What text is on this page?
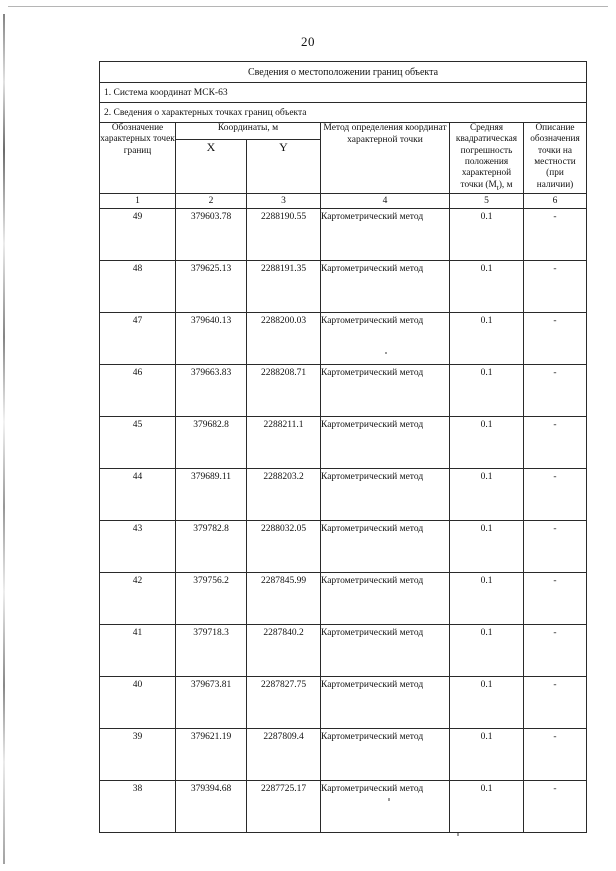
20
Сведения о местоположении границ объекта					
1. Система координат МСК-63					
2. Сведения о характерных точках границ объекта					
Обозначение характерных точек границ	Координаты, м	Метод определения координат характерной точки	Средняя
квадратическая
погрешность
положения
характерной
точки $(M_t)$, м	Описание
обозначения
точки на
местности
(при
наличии)
	X	Y			
1	2	3	4	5	6
49	379603.78	2288190.55	Картометрический метод	0.1	-
48	379625.13	2288191.35	Картометрический метод	0.1	-
47	379640.13	2288200.03	Картометрический метод	0.1	-
46	379663.83	2288208.71	Картометрический метод	0.1	-
45	379682.8	2288211.1	Картометрический метод	0.1	-
44	379689.11	2288203.2	Картометрический метод	0.1	-
43	379782.8	2288032.05	Картометрический метод	0.1	-
42	379756.2	2287845.99	Картометрический метод	0.1	-
41	379718.3	2287840.2	Картометрический метод	0.1	-
40	379673.81	2287827.75	Картометрический метод	0.1	-
39	379621.19	2287809.4	Картометрический метод	0.1	-
38	379394.68	2287725.17	Картометрический метод	0.1	-
